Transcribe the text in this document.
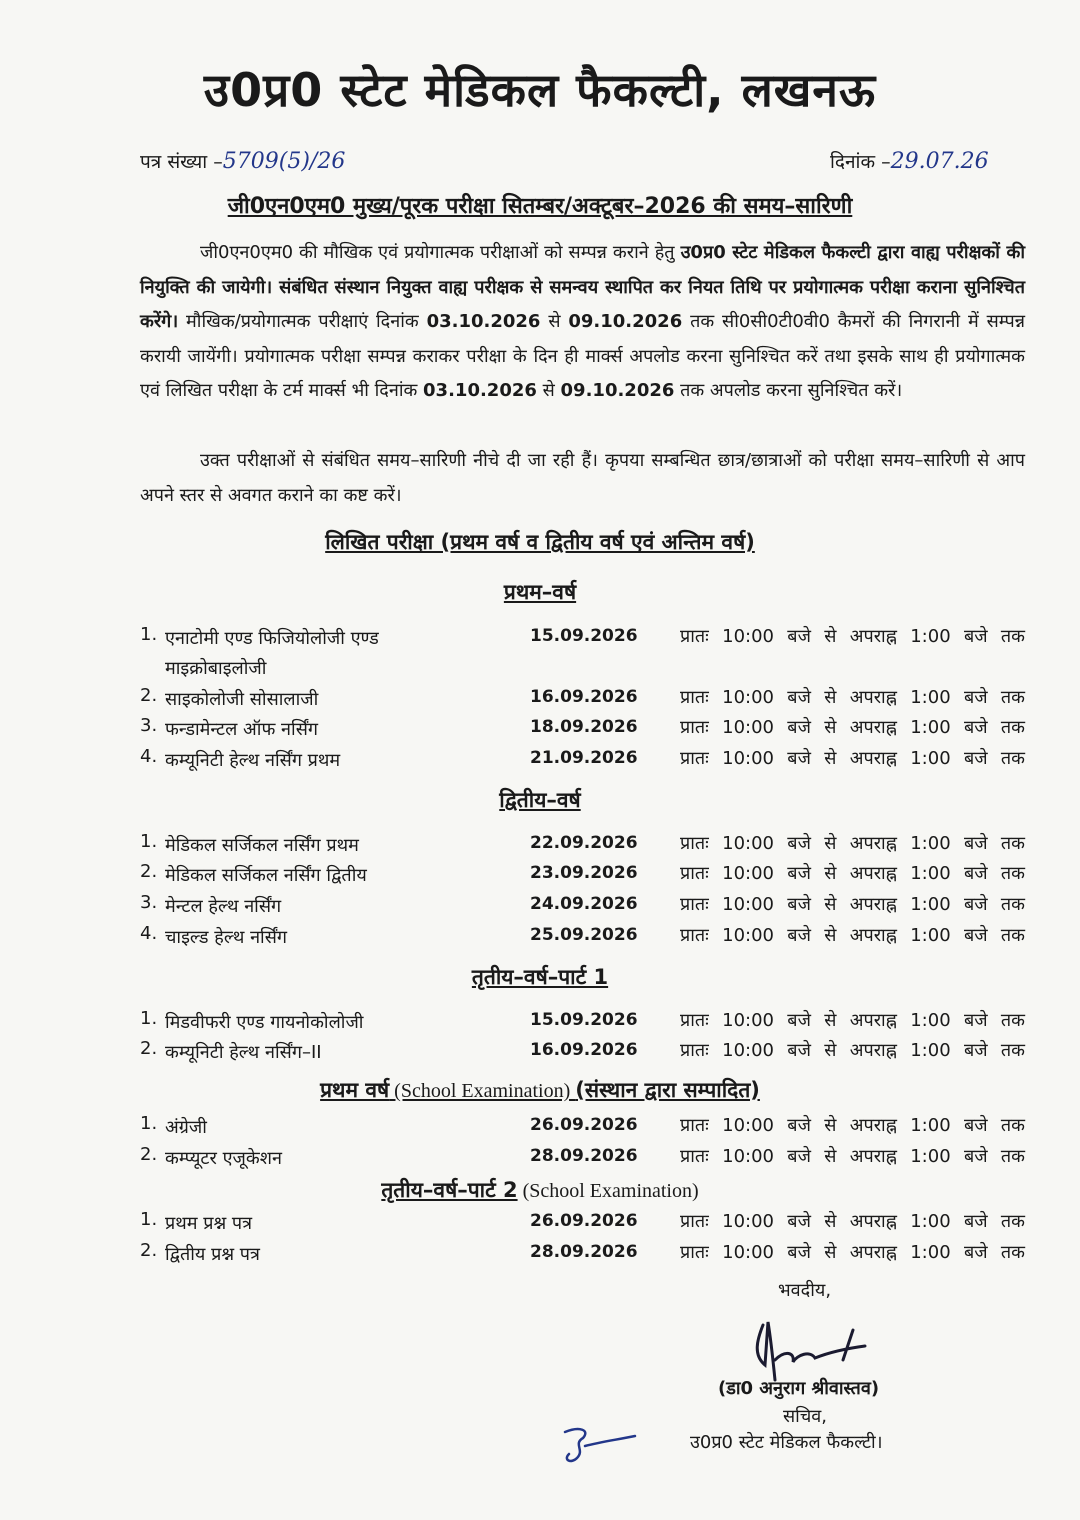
उ0प्र0 स्टेट मेडिकल फैकल्टी, लखनऊ
पत्र संख्या –5709(5)/26	दिनांक –29.07.26
जी0एन0एम0 मुख्य/पूरक परीक्षा सितम्बर/अक्टूबर–2026 की समय–सारिणी

जी0एन0एम0 की मौखिक एवं प्रयोगात्मक परीक्षाओं को सम्पन्न कराने हेतु उ0प्र0 स्टेट मेडिकल फैकल्टी द्वारा वाह्य परीक्षकों की नियुक्ति की जायेगी। संबंधित संस्थान नियुक्त वाह्य परीक्षक से समन्वय स्थापित कर नियत तिथि पर प्रयोगात्मक परीक्षा कराना सुनिश्चित करेंगे। मौखिक/प्रयोगात्मक परीक्षाएं दिनांक 03.10.2026 से 09.10.2026 तक सी0सी0टी0वी0 कैमरों की निगरानी में सम्पन्न करायी जायेंगी। प्रयोगात्मक परीक्षा सम्पन्न कराकर परीक्षा के दिन ही मार्क्स अपलोड करना सुनिश्चित करें तथा इसके साथ ही प्रयोगात्मक एवं लिखित परीक्षा के टर्म मार्क्स भी दिनांक 03.10.2026 से 09.10.2026 तक अपलोड करना सुनिश्चित करें।

उक्त परीक्षाओं से संबंधित समय–सारिणी नीचे दी जा रही हैं। कृपया सम्बन्धित छात्र/छात्राओं को परीक्षा समय–सारिणी से आप अपने स्तर से अवगत कराने का कष्ट करें।

लिखित परीक्षा (प्रथम वर्ष व द्वितीय वर्ष एवं अन्तिम वर्ष)
प्रथम–वर्ष
1. एनाटोमी एण्ड फिजियोलोजी एण्ड
माइक्रोबाइलोजी
15.09.2026 प्रातः 10:00 बजे से अपराह्न 1:00 बजे तक
2. साइकोलोजी सोसालाजी	16.09.2026 प्रातः 10:00 बजे से अपराह्न 1:00 बजे तक
3. फन्डामेन्टल ऑफ नर्सिंग	18.09.2026 प्रातः 10:00 बजे से अपराह्न 1:00 बजे तक
4. कम्यूनिटी हेल्थ नर्सिंग प्रथम	21.09.2026 प्रातः 10:00 बजे से अपराह्न 1:00 बजे तक
द्वितीय–वर्ष
1. मेडिकल सर्जिकल नर्सिंग प्रथम	22.09.2026 प्रातः 10:00 बजे से अपराह्न 1:00 बजे तक
2. मेडिकल सर्जिकल नर्सिंग द्वितीय	23.09.2026 प्रातः 10:00 बजे से अपराह्न 1:00 बजे तक
3. मेन्टल हेल्थ नर्सिंग	24.09.2026 प्रातः 10:00 बजे से अपराह्न 1:00 बजे तक
4. चाइल्ड हेल्थ नर्सिंग	25.09.2026 प्रातः 10:00 बजे से अपराह्न 1:00 बजे तक
तृतीय–वर्ष–पार्ट 1
1. मिडवीफरी एण्ड गायनोकोलोजी	15.09.2026 प्रातः 10:00 बजे से अपराह्न 1:00 बजे तक
2. कम्यूनिटी हेल्थ नर्सिंग–II	16.09.2026 प्रातः 10:00 बजे से अपराह्न 1:00 बजे तक
प्रथम वर्ष (School Examination) (संस्थान द्वारा सम्पादित)
1. अंग्रेजी	26.09.2026 प्रातः 10:00 बजे से अपराह्न 1:00 बजे तक
2. कम्प्यूटर एजूकेशन	28.09.2026 प्रातः 10:00 बजे से अपराह्न 1:00 बजे तक
तृतीय–वर्ष–पार्ट 2 (School Examination)
1. प्रथम प्रश्न पत्र	26.09.2026 प्रातः 10:00 बजे से अपराह्न 1:00 बजे तक
2. द्वितीय प्रश्न पत्र	28.09.2026 प्रातः 10:00 बजे से अपराह्न 1:00 बजे तक
भवदीय,
(डा0 अनुराग श्रीवास्तव)
सचिव,
उ0प्र0 स्टेट मेडिकल फैकल्टी।
